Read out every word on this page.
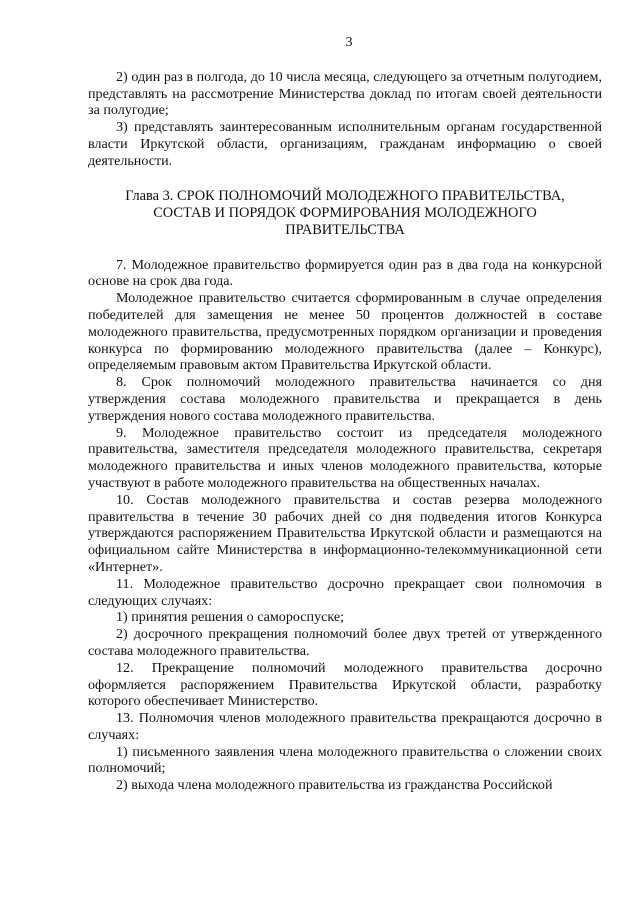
3

2) один раз в полгода, до 10 числа месяца, следующего за отчетным полугодием, представлять на рассмотрение Министерства доклад по итогам своей деятельности за полугодие;

3) представлять заинтересованным исполнительным органам государственной власти Иркутской области, организациям, гражданам информацию о своей деятельности.

Глава 3. СРОК ПОЛНОМОЧИЙ МОЛОДЕЖНОГО ПРАВИТЕЛЬСТВА,
СОСТАВ И ПОРЯДОК ФОРМИРОВАНИЯ МОЛОДЕЖНОГО
ПРАВИТЕЛЬСТВА

7. Молодежное правительство формируется один раз в два года на конкурсной основе на срок два года.

Молодежное правительство считается сформированным в случае определения победителей для замещения не менее 50 процентов должностей в составе молодежного правительства, предусмотренных порядком организации и проведения конкурса по формированию молодежного правительства (далее – Конкурс), определяемым правовым актом Правительства Иркутской области.

8. Срок полномочий молодежного правительства начинается со дня утверждения состава молодежного правительства и прекращается в день утверждения нового состава молодежного правительства.

9. Молодежное правительство состоит из председателя молодежного правительства, заместителя председателя молодежного правительства, секретаря молодежного правительства и иных членов молодежного правительства, которые участвуют в работе молодежного правительства на общественных началах.

10. Состав молодежного правительства и состав резерва молодежного правительства в течение 30 рабочих дней со дня подведения итогов Конкурса утверждаются распоряжением Правительства Иркутской области и размещаются на официальном сайте Министерства в информационно-телекоммуникационной сети «Интернет».

11. Молодежное правительство досрочно прекращает свои полномочия в следующих случаях:

1) принятия решения о самороспуске;

2) досрочного прекращения полномочий более двух третей от утвержденного состава молодежного правительства.

12. Прекращение полномочий молодежного правительства досрочно оформляется распоряжением Правительства Иркутской области, разработку которого обеспечивает Министерство.

13. Полномочия членов молодежного правительства прекращаются досрочно в случаях:

1) письменного заявления члена молодежного правительства о сложении своих полномочий;

2) выхода члена молодежного правительства из гражданства Российской
